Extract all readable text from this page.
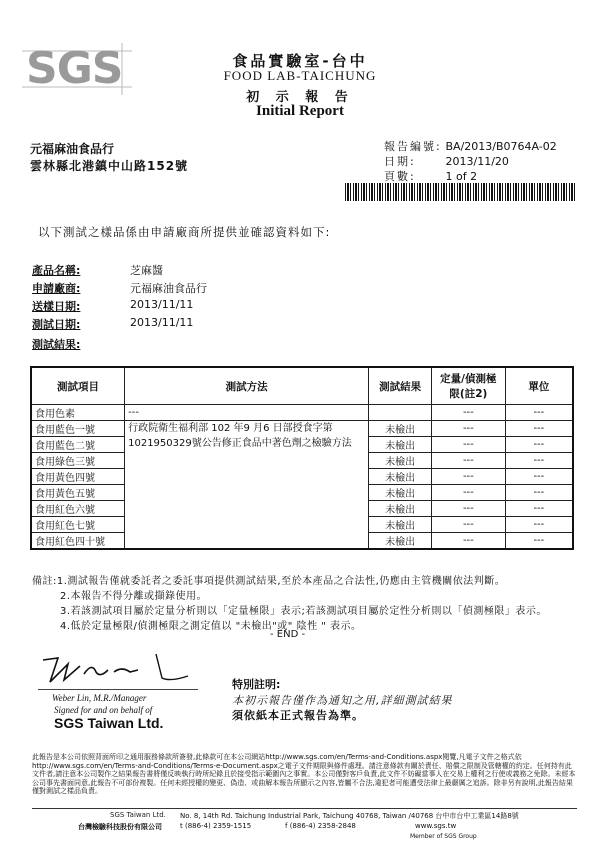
SGS	食品實驗室-台中
FOOD LAB-TAICHUNG
初 示 報 告
Initial Report
元福麻油食品行
雲林縣北港鎮中山路152號
報告編號: BA/2013/B0764A-02
日期:	2013/11/20
頁數:	1 of 2
以下測試之樣品係由申請廠商所提供並確認資料如下:
產品名稱:	芝麻醬
申請廠商:	元福麻油食品行
送樣日期:	2013/11/11
測試日期:	2013/11/11
測試結果:
測試項目	測試方法	測試結果	定量/偵測極限(註2)	單位
食用色素	---		---	---
食用藍色一號	行政院衛生福利部 102 年9 月6 日部授食字第
1021950329號公告修正食品中著色劑之檢驗方法	未檢出	---	---
食用藍色二號		未檢出	---	---
食用綠色三號		未檢出	---	---
食用黃色四號		未檢出	---	---
食用黃色五號		未檢出	---	---
食用紅色六號		未檢出	---	---
食用紅色七號		未檢出	---	---
食用紅色四十號		未檢出	---	---
備註:1.測試報告僅就委託者之委託事項提供測試結果,至於本產品之合法性,仍應由主管機關依法判斷。
2.本報告不得分離或擷錄使用。
3.若該測試項目屬於定量分析則以「定量極限」表示;若該測試項目屬於定性分析則以「偵測極限」表示。
4.低於定量極限/偵測極限之測定值以 "未檢出"或" 陰性 " 表示。
- END -
Weber Lin, M.R./Manager
Signed for and on behalf of
SGS Taiwan Ltd.
特別註明:
本初示報告僅作為通知之用,詳細測試結果
須依紙本正式報告為準。
此報告是本公司依照背面所印之通用服務條款所簽發,此條款可在本公司網站http://www.sgs.com/en/Terms-and-Conditions.aspx閱覽,凡電子文件之格式依http://www.sgs.com/en/Terms-and-Conditions/Terms-e-Document.aspx之電子文件期限與條件處理。請注意條款有關於責任、賠償之限制及管轄權的約定。任何持有此文件者,請注意本公司製作之結果報告書將僅反映執行時所紀錄且於接受指示範圍內之事實。本公司僅對客戶負責,此文件不妨礙當事人在交易上權利之行使或義務之免除。未經本公司事先書面同意,此報告不可部份複製。任何未經授權的變更、偽造、或曲解本報告所顯示之內容,皆屬不合法,違犯者可能遭受法律上最嚴厲之追訴。除非另有說明,此報告結果僅對測試之樣品負責。
SGS Taiwan Ltd.
台灣檢驗科技股份有限公司
No. 8, 14th Rd. Taichung Industrial Park, Taichung 40768, Taiwan /40768 台中市台中工業區14路8號
t (886-4) 2359-1515	f (886-4) 2358-2848	www.sgs.tw
Member of SGS Group
